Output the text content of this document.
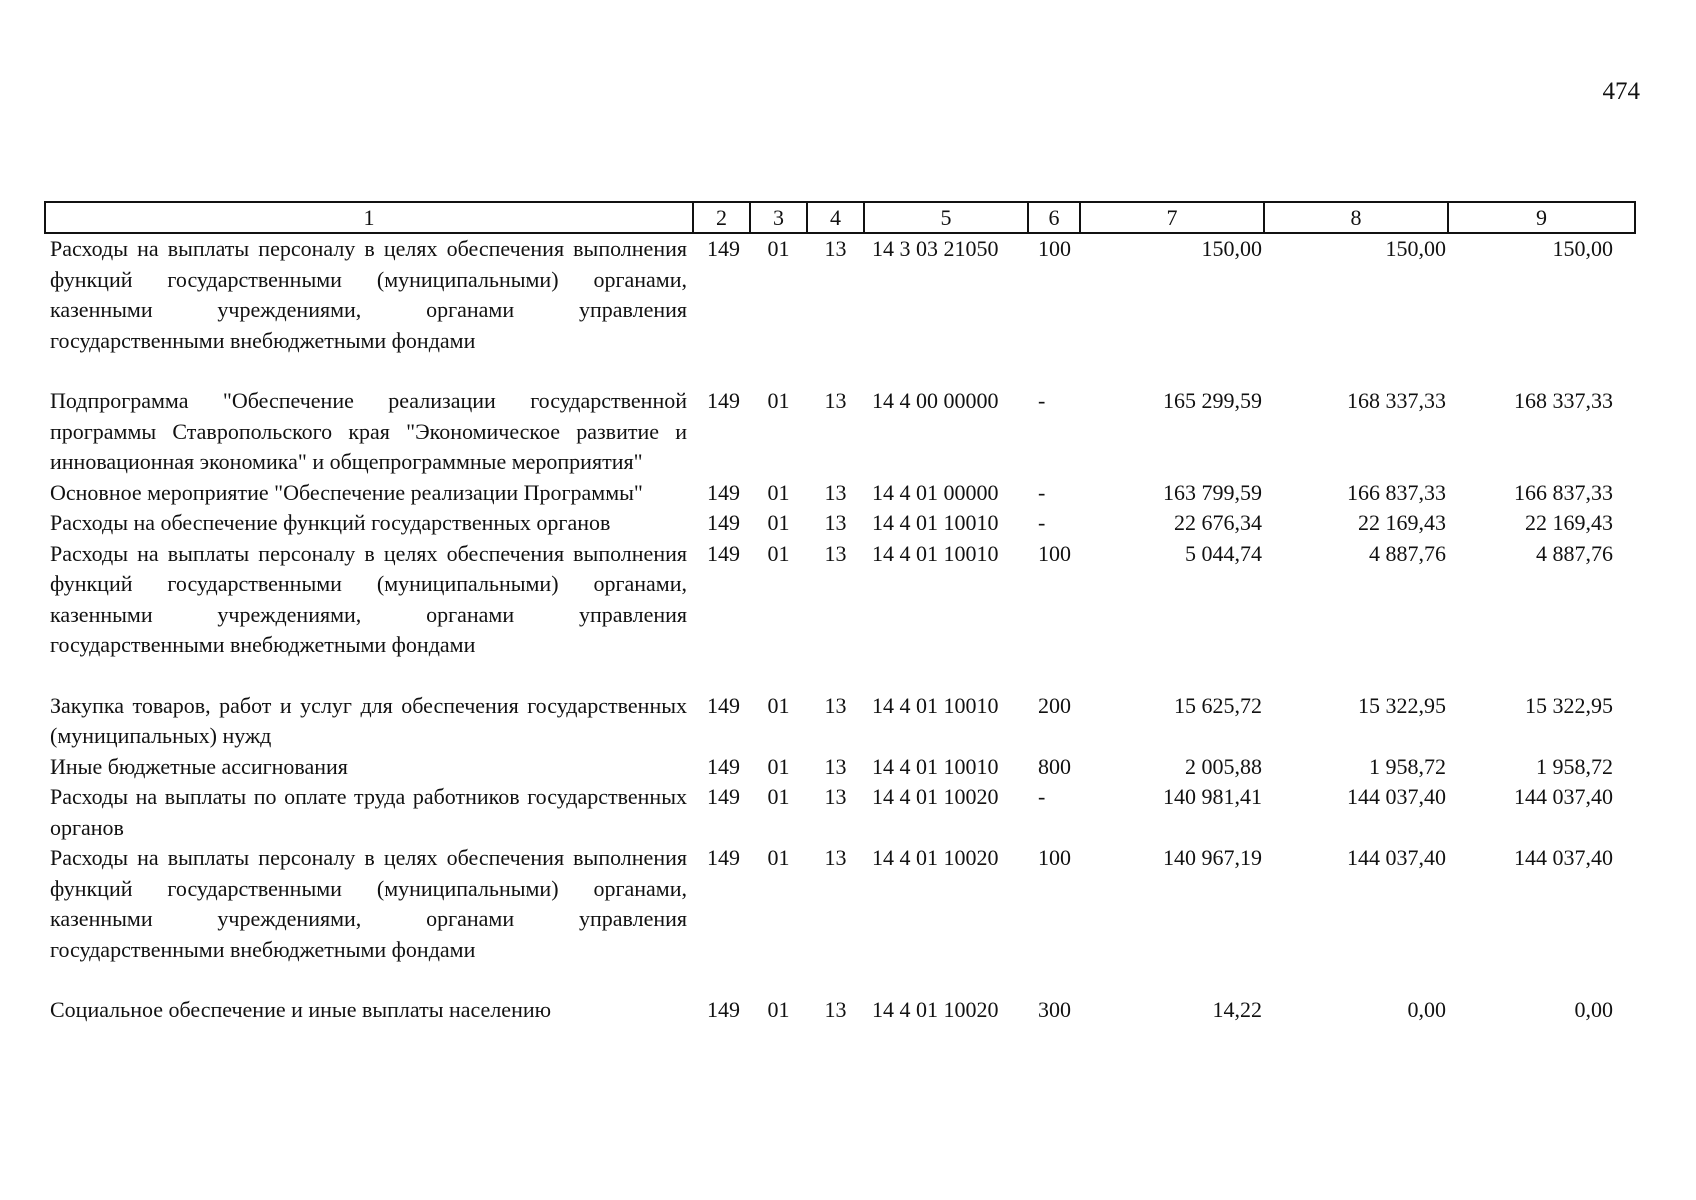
474
1	2	3	4	5	6	7	8	9
Расходы на выплаты персоналу в целях обеспечения выполнения функций государственными (муниципальными) органами, казенными учреждениями, органами управления государственными внебюджетными фондами	149	01	13	14 3 03 21050	100	150,00	150,00	150,00

Подпрограмма "Обеспечение реализации государственной программы Ставропольского края "Экономическое развитие и инновационная экономика" и общепрограммные мероприятия"	149	01	13	14 4 00 00000	-	165 299,59	168 337,33	168 337,33
Основное мероприятие "Обеспечение реализации Программы"	149	01	13	14 4 01 00000	-	163 799,59	166 837,33	166 837,33
Расходы на обеспечение функций государственных органов	149	01	13	14 4 01 10010	-	22 676,34	22 169,43	22 169,43
Расходы на выплаты персоналу в целях обеспечения выполнения функций государственными (муниципальными) органами, казенными учреждениями, органами управления государственными внебюджетными фондами	149	01	13	14 4 01 10010	100	5 044,74	4 887,76	4 887,76

Закупка товаров, работ и услуг для обеспечения государственных (муниципальных) нужд	149	01	13	14 4 01 10010	200	15 625,72	15 322,95	15 322,95
Иные бюджетные ассигнования	149	01	13	14 4 01 10010	800	2 005,88	1 958,72	1 958,72
Расходы на выплаты по оплате труда работников государственных органов	149	01	13	14 4 01 10020	-	140 981,41	144 037,40	144 037,40
Расходы на выплаты персоналу в целях обеспечения выполнения функций государственными (муниципальными) органами, казенными учреждениями, органами управления государственными внебюджетными фондами	149	01	13	14 4 01 10020	100	140 967,19	144 037,40	144 037,40

Социальное обеспечение и иные выплаты населению	149	01	13	14 4 01 10020	300	14,22	0,00	0,00
